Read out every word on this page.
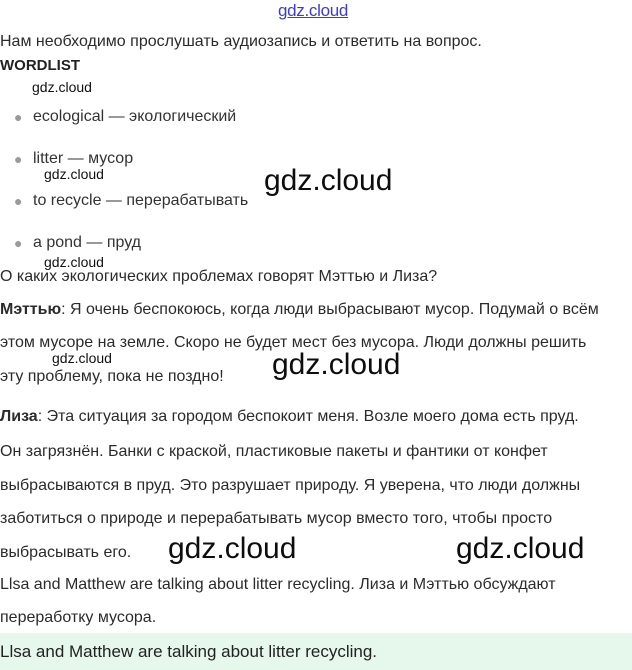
gdz.cloud
Нам необходимо прослушать аудиозапись и ответить на вопрос.
WORDLIST
gdz.cloud
● ecological — экологический
● litter — мусор
gdz.cloud
● to recycle — перерабатывать
gdz.cloud
● a pond — пруд
gdz.cloud
О каких экологических проблемах говорят Мэттью и Лиза?
Мэттью: Я очень беспокоюсь, когда люди выбрасывают мусор. Подумай о всём
этом мусоре на земле. Скоро не будет мест без мусора. Люди должны решить
gdz.cloud
эту проблему, пока не поздно! gdz.cloud
Лиза: Эта ситуация за городом беспокоит меня. Возле моего дома есть пруд.
Он загрязнён. Банки с краской, пластиковые пакеты и фантики от конфет
выбрасываются в пруд. Это разрушает природу. Я уверена, что люди должны
заботиться о природе и перерабатывать мусор вместо того, чтобы просто
выбрасывать его. gdz.cloud	gdz.cloud
Llsa and Matthew are talking about litter recycling. Лиза и Мэттью обсуждают
переработку мусора.
Llsa and Matthew are talking about litter recycling.
